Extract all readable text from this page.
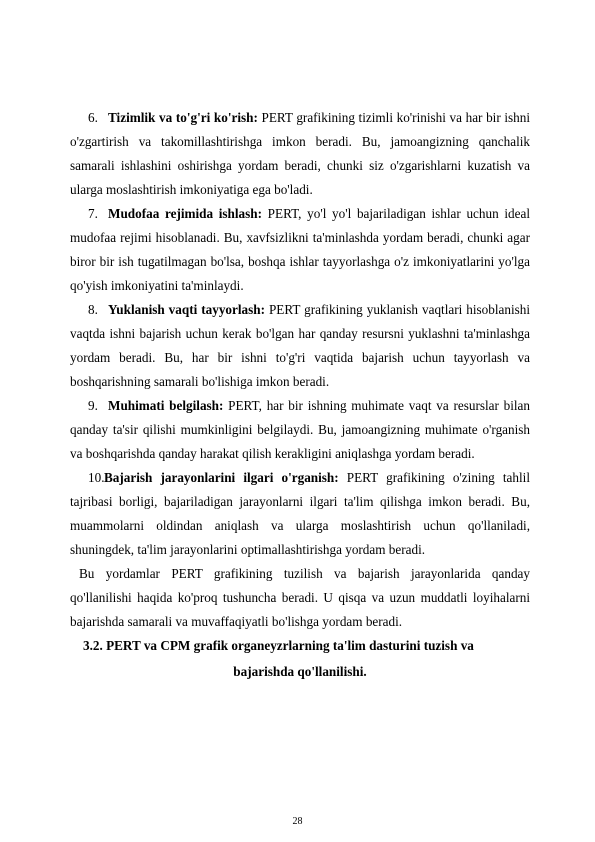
6. Tizimlik va to'g'ri ko'rish: PERT grafikining tizimli ko'rinishi va har bir ishni o'zgartirish va takomillashtirishga imkon beradi. Bu, jamoangizning qanchalik samarali ishlashini oshirishga yordam beradi, chunki siz o'zgarishlarni kuzatish va ularga moslashtirish imkoniyatiga ega bo'ladi.

7. Mudofaa rejimida ishlash: PERT, yo'l yo'l bajariladigan ishlar uchun ideal mudofaa rejimi hisoblanadi. Bu, xavfsizlikni ta'minlashda yordam beradi, chunki agar biror bir ish tugatilmagan bo'lsa, boshqa ishlar tayyorlashga o'z imkoniyatlarini yo'lga qo'yish imkoniyatini ta'minlaydi.

8. Yuklanish vaqti tayyorlash: PERT grafikining yuklanish vaqtlari hisoblanishi vaqtda ishni bajarish uchun kerak bo'lgan har qanday resursni yuklashni ta'minlashga yordam beradi. Bu, har bir ishni to'g'ri vaqtida bajarish uchun tayyorlash va boshqarishning samarali bo'lishiga imkon beradi.

9. Muhimati belgilash: PERT, har bir ishning muhimate vaqt va resurslar bilan qanday ta'sir qilishi mumkinligini belgilaydi. Bu, jamoangizning muhimate o'rganish va boshqarishda qanday harakat qilish kerakligini aniqlashga yordam beradi.

10.Bajarish jarayonlarini ilgari o'rganish: PERT grafikining o'zining tahlil tajribasi borligi, bajariladigan jarayonlarni ilgari ta'lim qilishga imkon beradi. Bu, muammolarni oldindan aniqlash va ularga moslashtirish uchun qo'llaniladi, shuningdek, ta'lim jarayonlarini optimallashtirishga yordam beradi.

Bu yordamlar PERT grafikining tuzilish va bajarish jarayonlarida qanday qo'llanilishi haqida ko'proq tushuncha beradi. U qisqa va uzun muddatli loyihalarni bajarishda samarali va muvaffaqiyatli bo'lishga yordam beradi.

3.2. PERT va CPM grafik organeyzrlarning ta'lim dasturini tuzish va
bajarishda qo'llanilishi.
28
